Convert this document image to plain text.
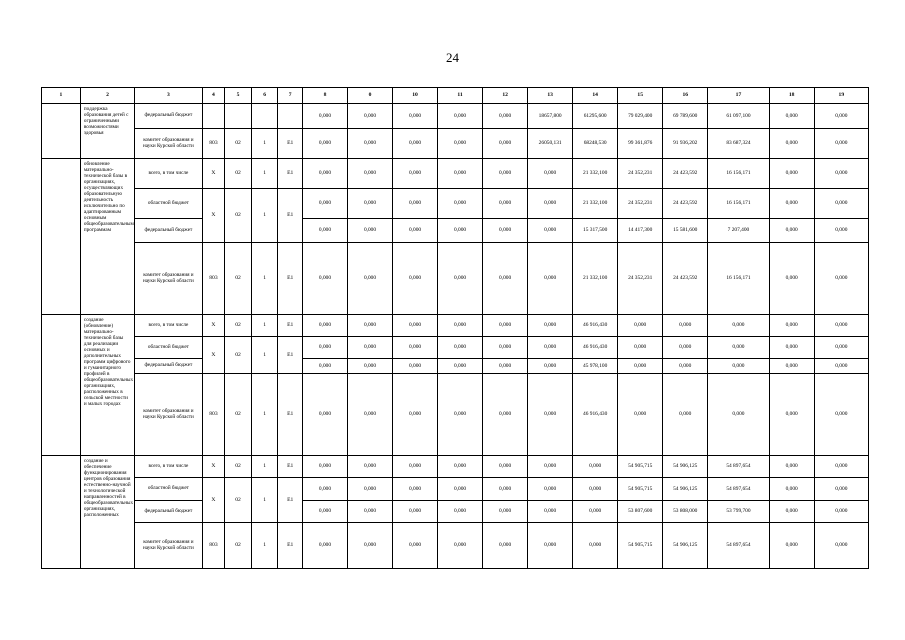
24
1	2	3	4	5	6	7	8	0	10	11	12	13	14	15	16	17	18	19
	поддержка образования детей с ограниченными возможностями здоровья	федеральный бюджет					0,000	0,000	0,000	0,000	0,000	18657,800	61295,600	79 029,400	69 789,600	61 097,100	0,000	0,000
		комитет образования и науки Курской области	803	02	1	Е1	0,000	0,000	0,000	0,000	0,000	26050,131	68248,530	99 361,876	91 936,202	83 687,324	0,000	0,000
	обновление материально-технической базы в организациях, осуществляющих образовательную деятельность исключительно по адаптированным основным общеобразовательным программам	всего, в том числе	Х	02	1	Е1	0,000	0,000	0,000	0,000	0,000	0,000	21 332,100	24 352,231	24 423,592	16 156,171	0,000	0,000
		областной бюджет	Х	02	1	Е1	0,000	0,000	0,000	0,000	0,000	0,000	21 332,100	24 352,231	24 423,592	16 156,171	0,000	0,000
		федеральный бюджет					0,000	0,000	0,000	0,000	0,000	0,000	15 317,500	14 417,300	15 581,600	7 207,400	0,000	0,000
		комитет образования и науки Курской области	803	02	1	Е1	0,000	0,000	0,000	0,000	0,000	0,000	21 332,100	24 352,231	24 423,592	16 156,171	0,000	0,000
	создание (обновление) материально-технической базы для реализации основных и дополнительных программ цифрового и гуманитарного профилей в общеобразовательных организациях, расположенных в сельской местности и малых городах	всего, в том числе	Х	02	1	Е1	0,000	0,000	0,000	0,000	0,000	0,000	46 916,430	0,000	0,000	0,000	0,000	0,000
		областной бюджет	Х	02	1	Е1	0,000	0,000	0,000	0,000	0,000	0,000	46 916,430	0,000	0,000	0,000	0,000	0,000
		федеральный бюджет					0,000	0,000	0,000	0,000	0,000	0,000	45 978,100	0,000	0,000	0,000	0,000	0,000
		комитет образования и науки Курской области	803	02	1	Е1	0,000	0,000	0,000	0,000	0,000	0,000	46 916,430	0,000	0,000	0,000	0,000	0,000
	создание и обеспечение функционирования центров образования естественно-научной и технологической направленностей в общеобразовательных организациях, расположенных	всего, в том числе	Х	02	1	Е1	0,000	0,000	0,000	0,000	0,000	0,000	0,000	54 905,715	54 906,125	54 897,654	0,000	0,000
		областной бюджет	Х	02	1	Е1	0,000	0,000	0,000	0,000	0,000	0,000	0,000	54 905,715	54 906,125	54 897,654	0,000	0,000
		федеральный бюджет					0,000	0,000	0,000	0,000	0,000	0,000	0,000	53 807,600	53 808,000	53 799,700	0,000	0,000
		комитет образования и науки Курской области	803	02	1	Е1	0,000	0,000	0,000	0,000	0,000	0,000	0,000	54 905,715	54 906,125	54 897,654	0,000	0,000
